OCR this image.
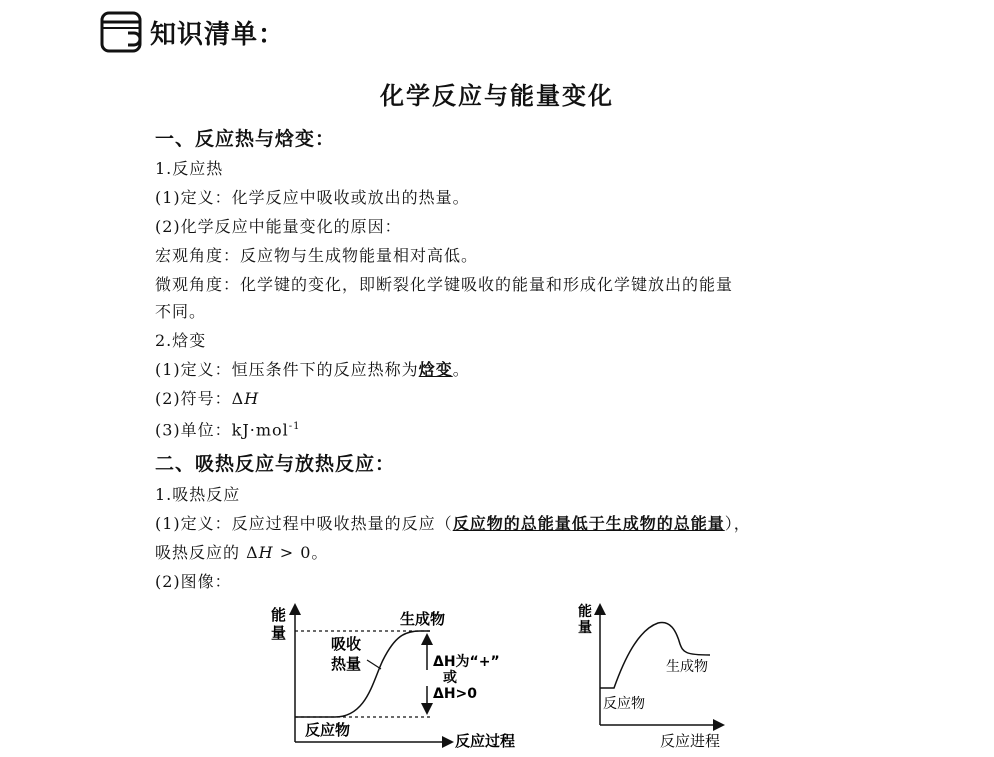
知识清单：
化学反应与能量变化
一、反应热与焓变：
1.反应热
(1)定义：化学反应中吸收或放出的热量。
(2)化学反应中能量变化的原因：
宏观角度：反应物与生成物能量相对高低。
微观角度：化学键的变化，即断裂化学键吸收的能量和形成化学键放出的能量
不同。
2.焓变
(1)定义：恒压条件下的反应热称为焓变。
(2)符号：ΔH
(3)单位：kJ·mol$^{-1}$
二、吸热反应与放热反应：
1.吸热反应
(1)定义：反应过程中吸收热量的反应（反应物的总能量低于生成物的总能量），
吸热反应的 ΔH > 0。
(2)图像：
能
量
反应过程
生成物
吸收
热量
反应物
ΔH为“+”
或
ΔH>0
能
量
反应进程
反应物
生成物
